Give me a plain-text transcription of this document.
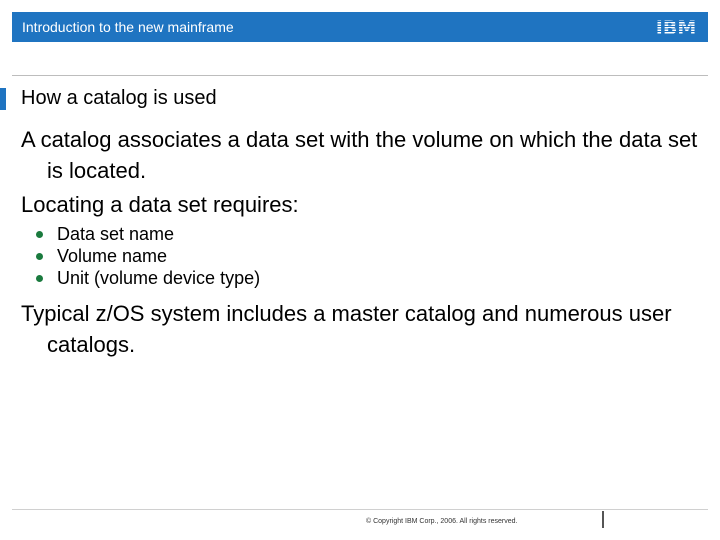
Introduction to the new mainframe	IBM
How a catalog is used

A catalog associates a data set with the volume on which the data set is located.

Locating a data set requires:

Data set name
Volume name
Unit (volume device type)

Typical z/OS system includes a master catalog and numerous user catalogs.

© Copyright IBM Corp., 2006. All rights reserved.
